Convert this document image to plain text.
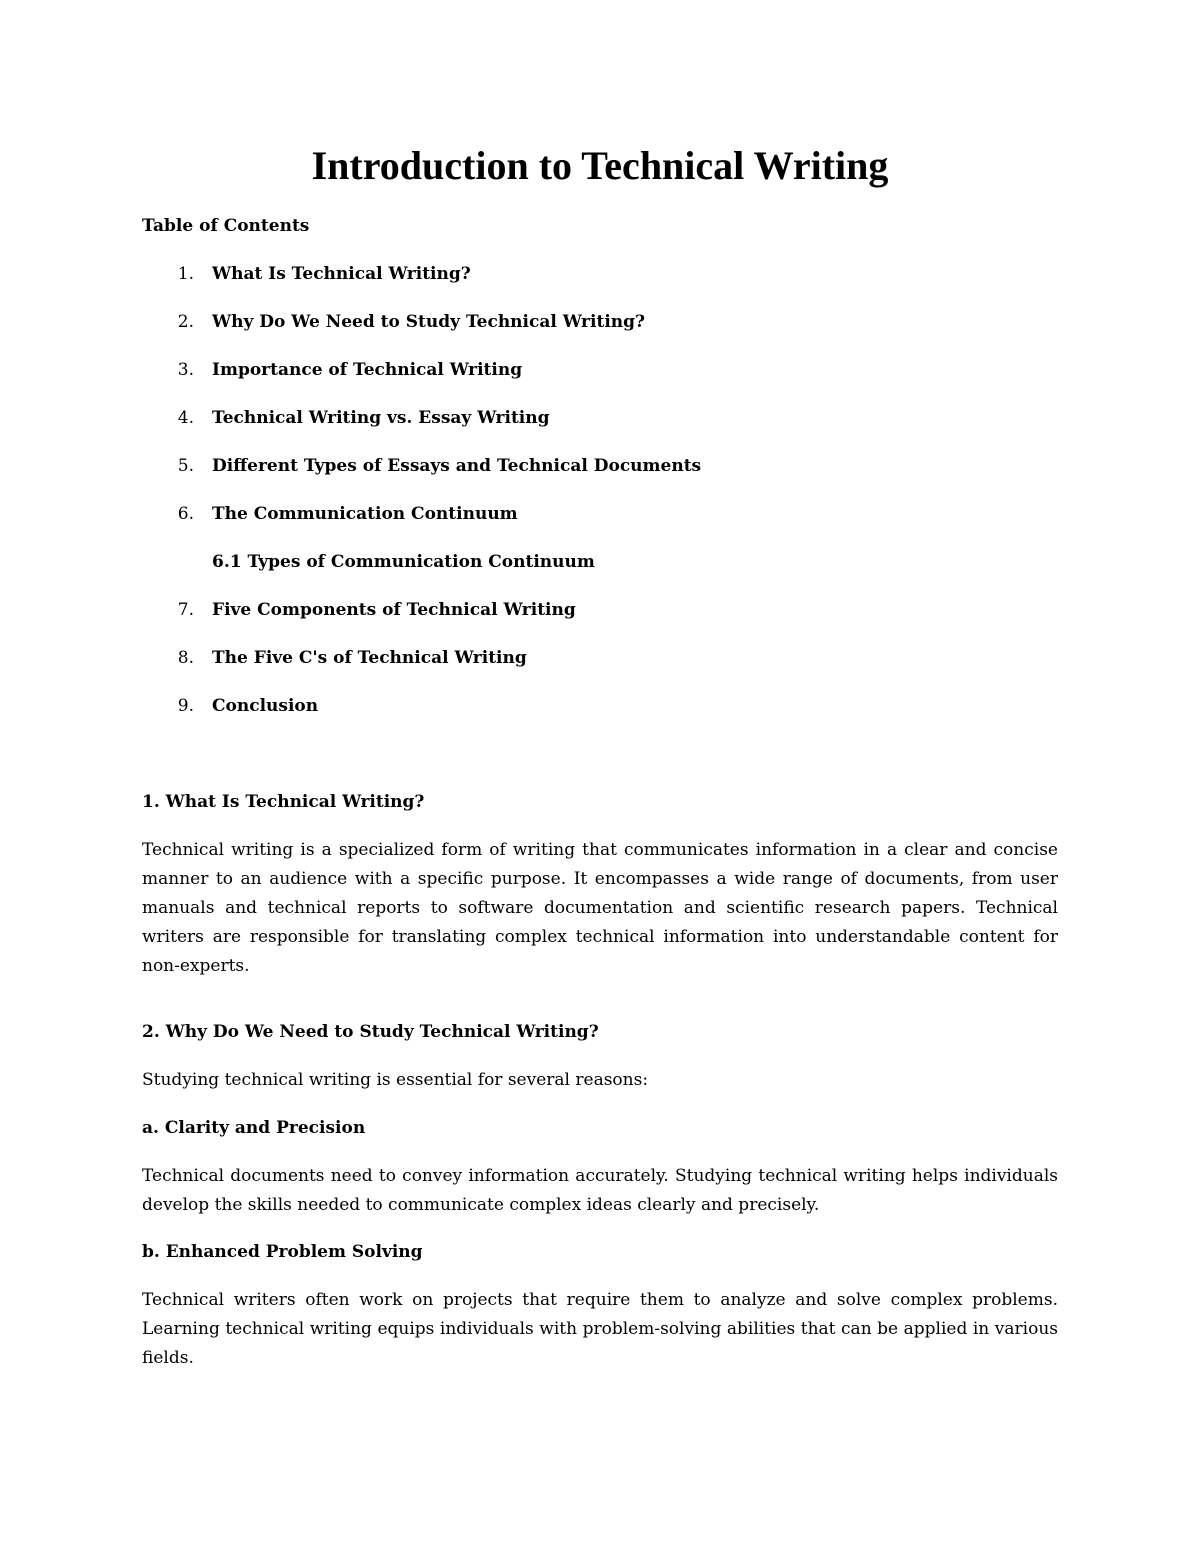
Introduction to Technical Writing

Table of Contents

1. What Is Technical Writing?
2. Why Do We Need to Study Technical Writing?
3. Importance of Technical Writing
4. Technical Writing vs. Essay Writing
5. Different Types of Essays and Technical Documents
6. The Communication Continuum

6.1 Types of Communication Continuum

7. Five Components of Technical Writing
8. The Five C's of Technical Writing
9. Conclusion

1. What Is Technical Writing?

Technical writing is a specialized form of writing that communicates information in a clear and concise manner to an audience with a specific purpose. It encompasses a wide range of documents, from user manuals and technical reports to software documentation and scientific research papers. Technical writers are responsible for translating complex technical information into understandable content for non-experts.

2. Why Do We Need to Study Technical Writing?

Studying technical writing is essential for several reasons:

a. Clarity and Precision

Technical documents need to convey information accurately. Studying technical writing helps individuals develop the skills needed to communicate complex ideas clearly and precisely.

b. Enhanced Problem Solving

Technical writers often work on projects that require them to analyze and solve complex problems. Learning technical writing equips individuals with problem-solving abilities that can be applied in various fields.
